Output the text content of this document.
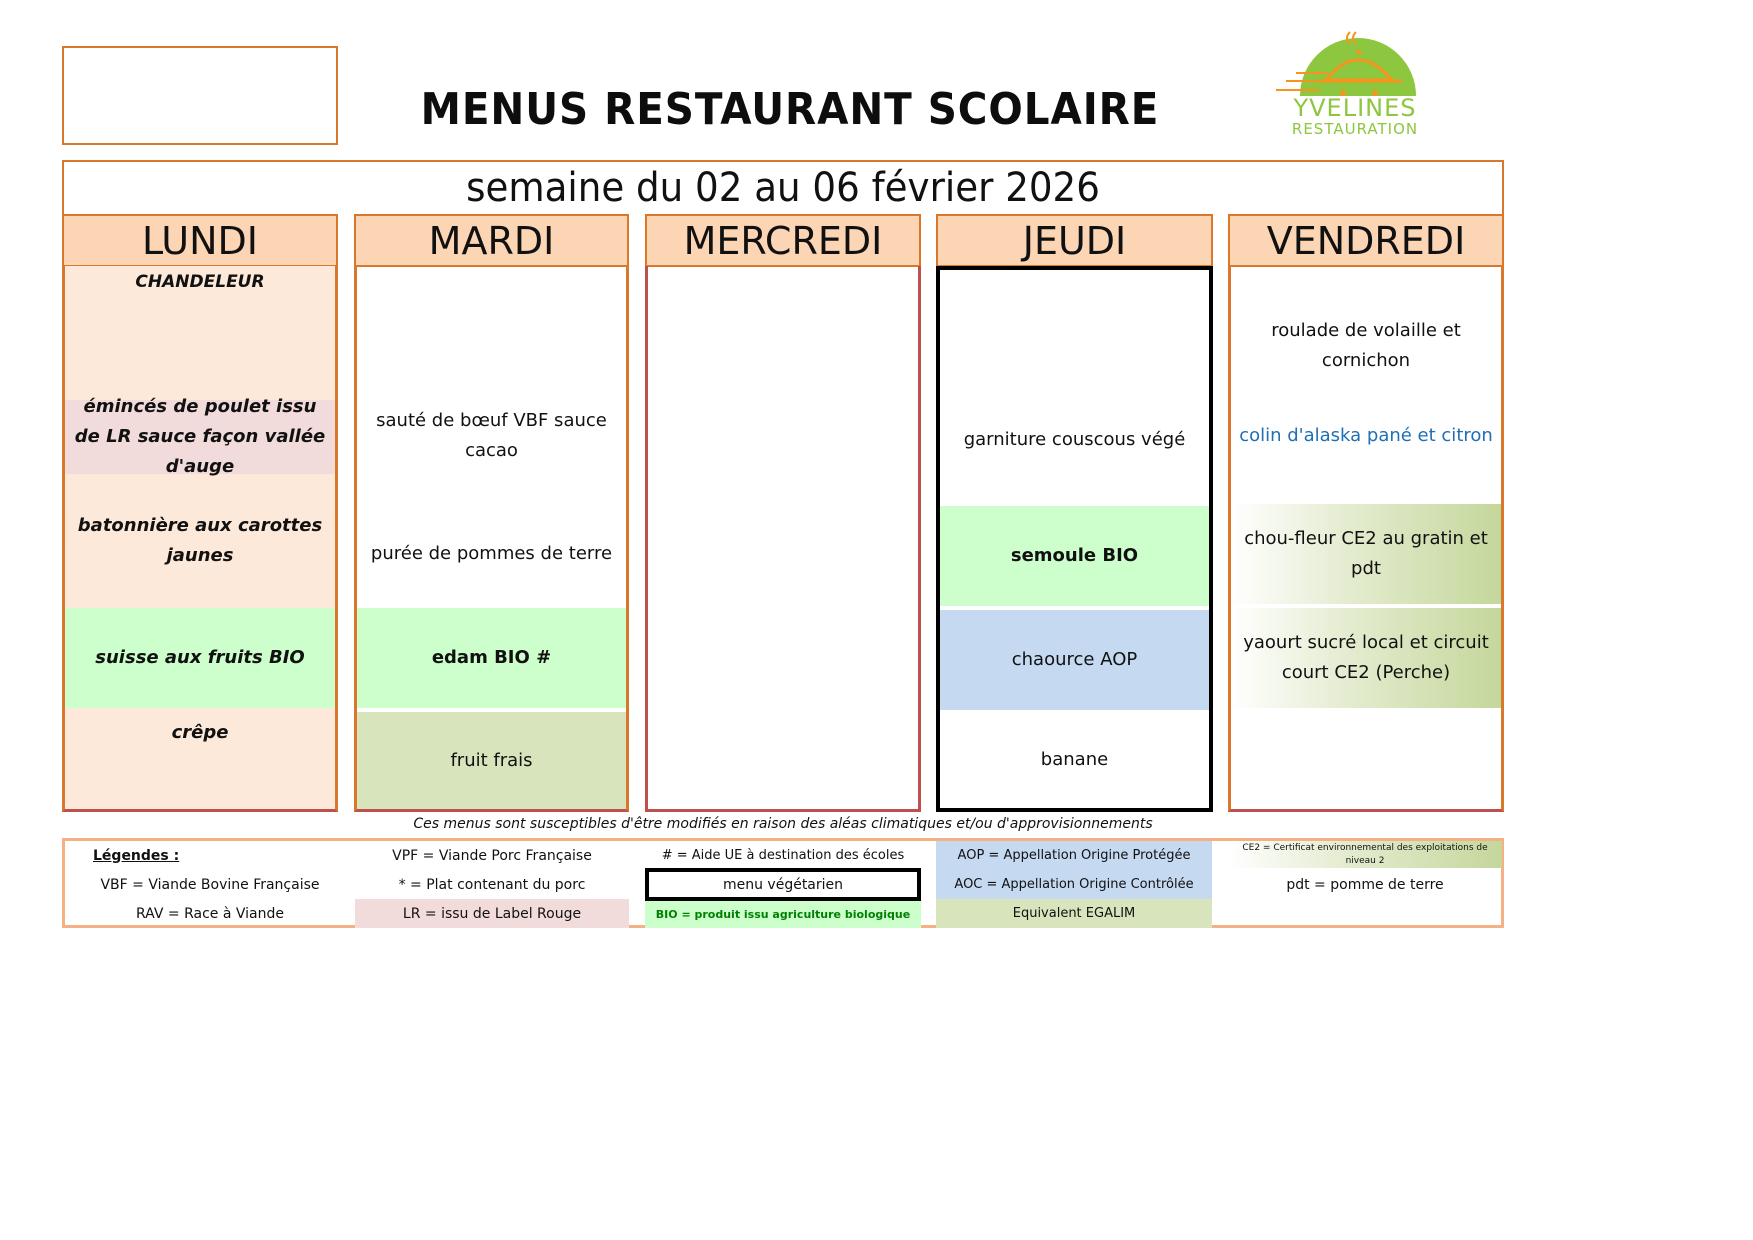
MENUS RESTAURANT SCOLAIRE	YVELINES
RESTAURATION
semaine du 02 au 06 février 2026
LUNDI
CHANDELEUR
émincés de poulet issu de LR sauce façon vallée d'auge
batonnière aux carottes jaunes
suisse aux fruits BIO
crêpe
MARDI
sauté de bœuf VBF sauce cacao
purée de pommes de terre
edam BIO #
fruit frais
MERCREDI	JEUDI
garniture couscous végé
semoule BIO
chaource AOP
banane
VENDREDI
roulade de volaille et cornichon
colin d'alaska pané et citron
chou-fleur CE2 au gratin et pdt
yaourt sucré local et circuit court CE2 (Perche)
Ces menus sont susceptibles d'être modifiés en raison des aléas climatiques et/ou d'approvisionnements
Légendes :
VBF = Viande Bovine Française
RAV = Race à Viande
VPF = Viande Porc Française
* = Plat contenant du porc
LR = issu de Label Rouge
# = Aide UE à destination des écoles
menu végétarien
BIO = produit issu agriculture biologique
AOP = Appellation Origine Protégée
AOC = Appellation Origine Contrôlée
Equivalent EGALIM
CE2 = Certificat environnemental des exploitations de niveau 2
pdt = pomme de terre
